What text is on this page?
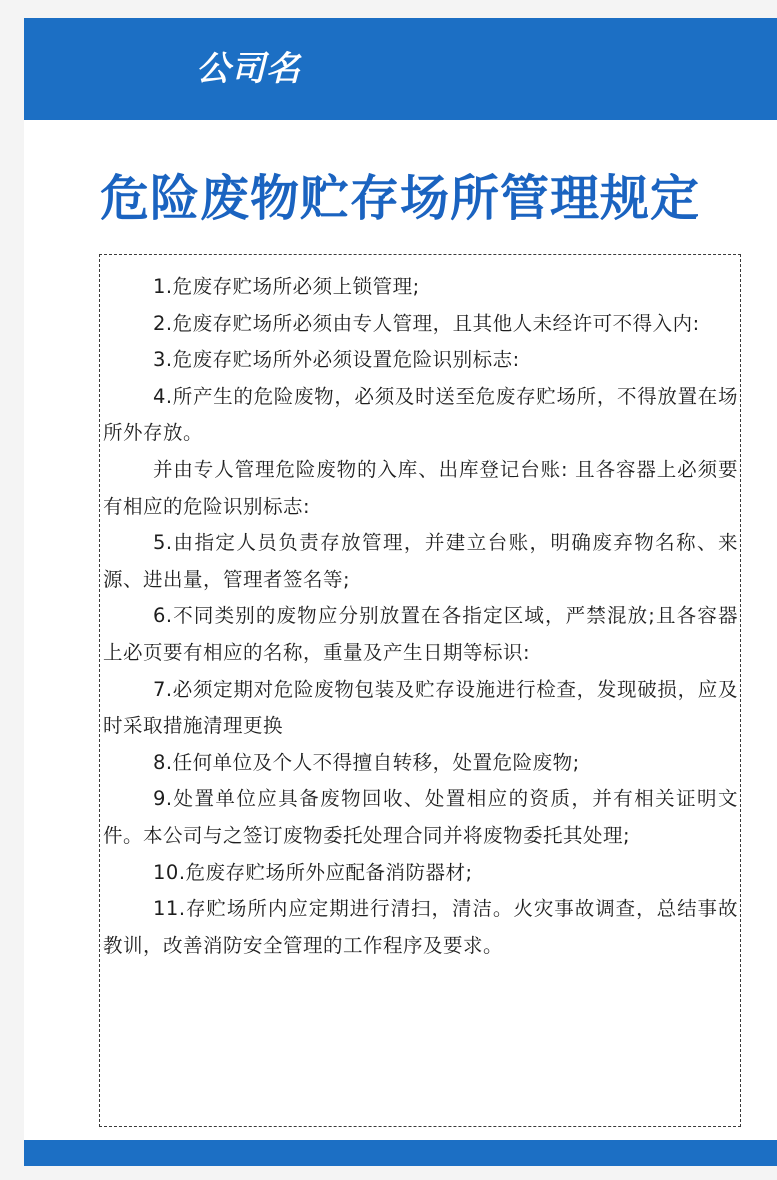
公司名
危险废物贮存场所管理规定
1.危废存贮场所必须上锁管理;
2.危废存贮场所必须由专人管理，且其他人未经许可不得入内:
3.危废存贮场所外必须设置危险识别标志:
4.所产生的危险废物，必须及时送至危废存贮场所，不得放置在场所外存放。
并由专人管理危险废物的入库、出库登记台账: 且各容器上必须要有相应的危险识别标志:
5.由指定人员负责存放管理，并建立台账，明确废弃物名称、来源、进出量，管理者签名等;
6.不同类别的废物应分别放置在各指定区域，严禁混放;且各容器上必页要有相应的名称，重量及产生日期等标识:
7.必须定期对危险废物包装及贮存设施进行检查，发现破损，应及时采取措施清理更换
8.任何单位及个人不得擅自转移，处置危险废物;
9.处置单位应具备废物回收、处置相应的资质，并有相关证明文件。本公司与之签订废物委托处理合同并将废物委托其处理;
10.危废存贮场所外应配备消防器材;
11.存贮场所内应定期进行清扫，清洁。火灾事故调查，总结事故教训，改善消防安全管理的工作程序及要求。
